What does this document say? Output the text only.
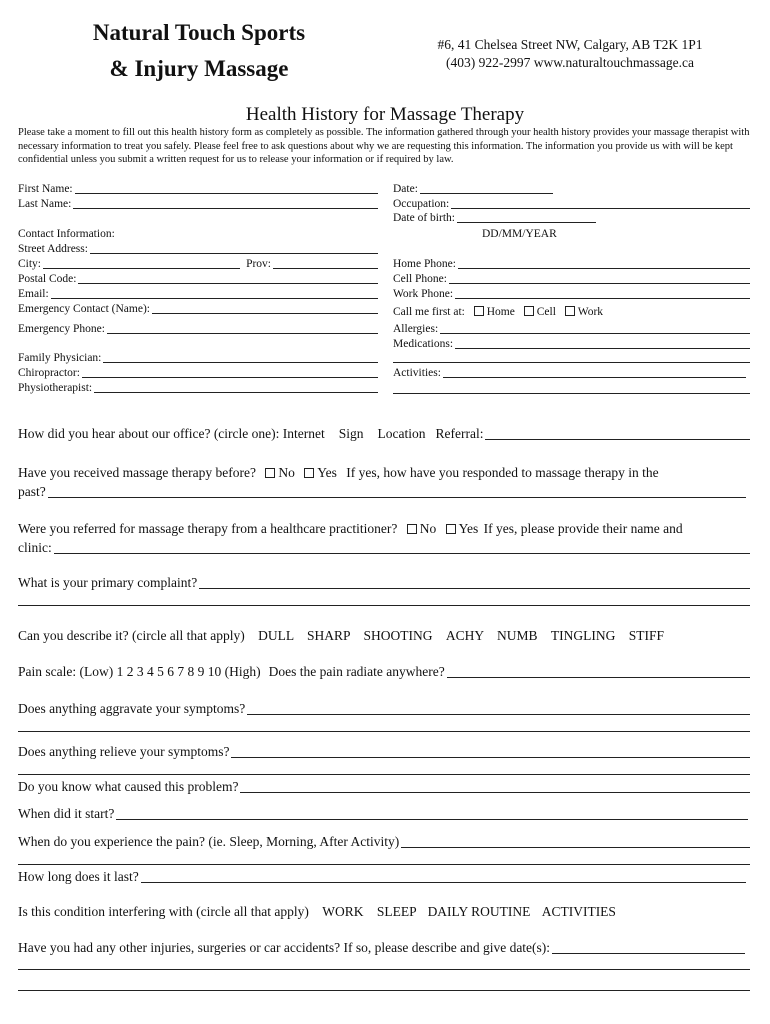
Natural Touch Sports
& Injury Massage
#6, 41 Chelsea Street NW, Calgary, AB T2K 1P1
(403) 922-2997 www.naturaltouchmassage.ca
Health History for Massage Therapy
Please take a moment to fill out this health history form as completely as possible. The information gathered through your health history provides your massage therapist with necessary information to treat you safely. Please feel free to ask questions about why we are requesting this information. The information you provide us with will be kept confidential unless you submit a written request for us to release your information or if required by law.
First Name:
Last Name:
Contact Information:
Street Address:
City:	Prov:
Postal Code:
Email:
Emergency Contact (Name):
Emergency Phone:
Family Physician:
Chiropractor:
Physiotherapist:
Date:
Occupation:
Date of birth:
DD/MM/YEAR
Home Phone:
Cell Phone:
Work Phone:
Call me first at: Home Cell Work
Allergies:
Medications:
Activities:
How did you hear about our office? (circle one): Internet Sign Location Referral:
Have you received massage therapy before? No Yes If yes, how have you responded to massage therapy in the
past?
Were you referred for massage therapy from a healthcare practitioner? No Yes If yes, please provide their name and
clinic:
What is your primary complaint?
Can you describe it? (circle all that apply) DULL SHARP SHOOTING ACHY NUMB TINGLING STIFF
Pain scale: (Low) 1 2 3 4 5 6 7 8 9 10 (High) Does the pain radiate anywhere?
Does anything aggravate your symptoms?
Does anything relieve your symptoms?
Do you know what caused this problem?
When did it start?
When do you experience the pain? (ie. Sleep, Morning, After Activity)
How long does it last?
Is this condition interfering with (circle all that apply) WORK SLEEP DAILY ROUTINE ACTIVITIES
Have you had any other injuries, surgeries or car accidents? If so, please describe and give date(s):
